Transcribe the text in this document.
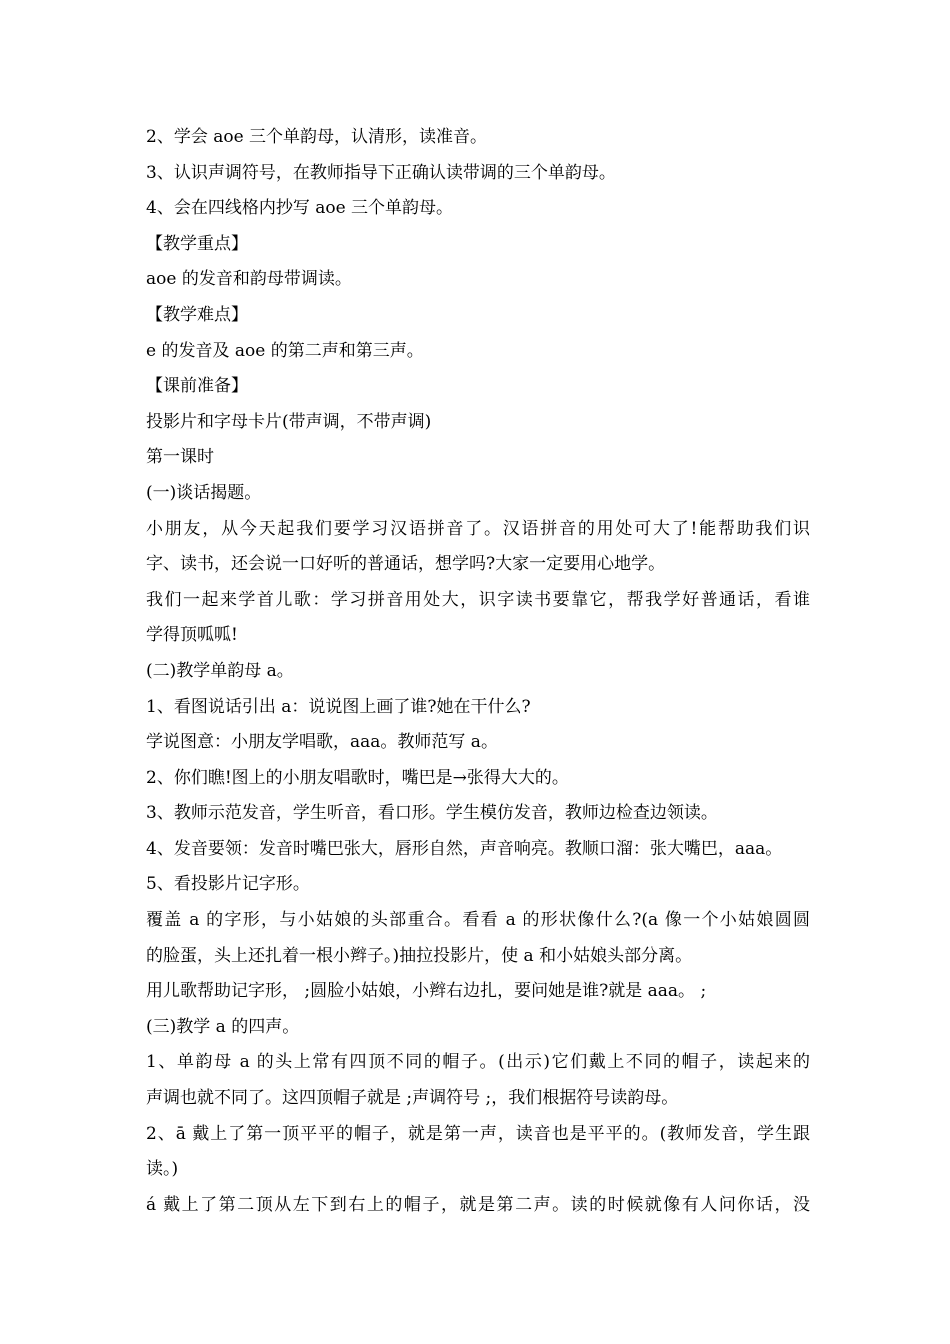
2、学会 aoe 三个单韵母，认清形，读准音。
3、认识声调符号，在教师指导下正确认读带调的三个单韵母。
4、会在四线格内抄写 aoe 三个单韵母。
【教学重点】
aoe 的发音和韵母带调读。
【教学难点】
e 的发音及 aoe 的第二声和第三声。
【课前准备】
投影片和字母卡片(带声调，不带声调)
第一课时
(一)谈话揭题。
小朋友，从今天起我们要学习汉语拼音了。汉语拼音的用处可大了!能帮助我们识
字、读书，还会说一口好听的普通话，想学吗?大家一定要用心地学。
我们一起来学首儿歌：学习拼音用处大，识字读书要靠它，帮我学好普通话，看谁
学得顶呱呱!
(二)教学单韵母 a。
1、看图说话引出 a：说说图上画了谁?她在干什么?
学说图意：小朋友学唱歌，aaa。教师范写 a。
2、你们瞧!图上的小朋友唱歌时，嘴巴是→张得大大的。
3、教师示范发音，学生听音，看口形。学生模仿发音，教师边检查边领读。
4、发音要领：发音时嘴巴张大，唇形自然，声音响亮。教顺口溜：张大嘴巴，aaa。
5、看投影片记字形。
覆盖 a 的字形，与小姑娘的头部重合。看看 a 的形状像什么?(a 像一个小姑娘圆圆
的脸蛋，头上还扎着一根小辫子。)抽拉投影片，使 a 和小姑娘头部分离。
用儿歌帮助记字形， ;圆脸小姑娘，小辫右边扎，要问她是谁?就是 aaa。 ;
(三)教学 a 的四声。
1、单韵母 a 的头上常有四顶不同的帽子。(出示)它们戴上不同的帽子，读起来的
声调也就不同了。这四顶帽子就是 ;声调符号 ;，我们根据符号读韵母。
2、ā 戴上了第一顶平平的帽子，就是第一声，读音也是平平的。(教师发音，学生跟
读。)
á 戴上了第二顶从左下到右上的帽子，就是第二声。读的时候就像有人问你话，没
